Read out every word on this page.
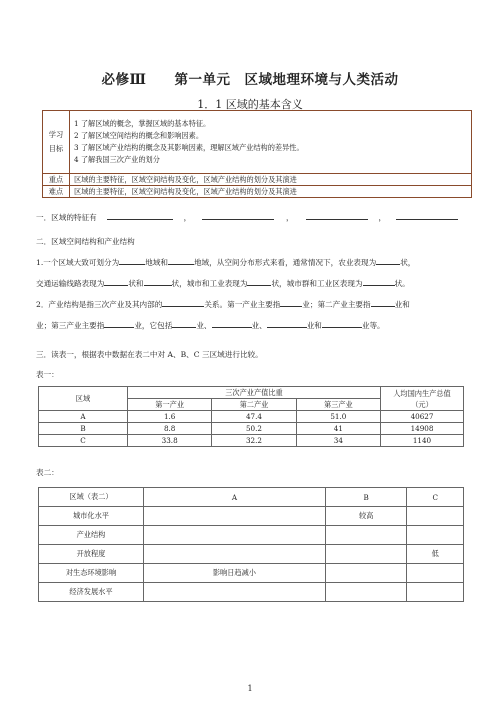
必修Ⅲ　　第一单元　区域地理环境与人类活动
1．1 区域的基本含义
学习目标	1 了解区域的概念，掌握区域的基本特征。
2 了解区域空间结构的概念和影响因素。
3 了解区域产业结构的概念及其影响因素，理解区域产业结构的差异性。
4 了解我国三次产业的划分

重点	区域的主要特征，区域空间结构及变化，区域产业结构的划分及其演进
难点	区域的主要特征，区域空间结构及变化，区域产业结构的划分及其演进
一．区域的特征有	，	，	，
二．区域空间结构和产业结构
1.一个区域大致可划分为	地域和	地域，从空间分布形式来看，通常情况下，农业表现为	状，
交通运输线路表现为	状和	状，城市和工业表现为	状，城市群和工业区表现为	状。
2．产业结构是指三次产业及其内部的	关系。第一产业主要指	业；第二产业主要指	业和
业；第三产业主要指	业，它包括	业、	业、	业和	业等。
三．读表一，根据表中数据在表二中对 A、B、C 三区域进行比较。
表一：
区域	三次产业产值比重			人均国内生产总值（元）
	第一产业	第二产业	第三产业	
A	1.6	47.4	51.0	40627
B	8.8	50.2	41	14908
C	33.8	32.2	34	1140
表二：
区域（表二）	A	B	C
城市化水平		较高	
产业结构			
开放程度			低
对生态环境影响	影响日趋减小		
经济发展水平			
1
